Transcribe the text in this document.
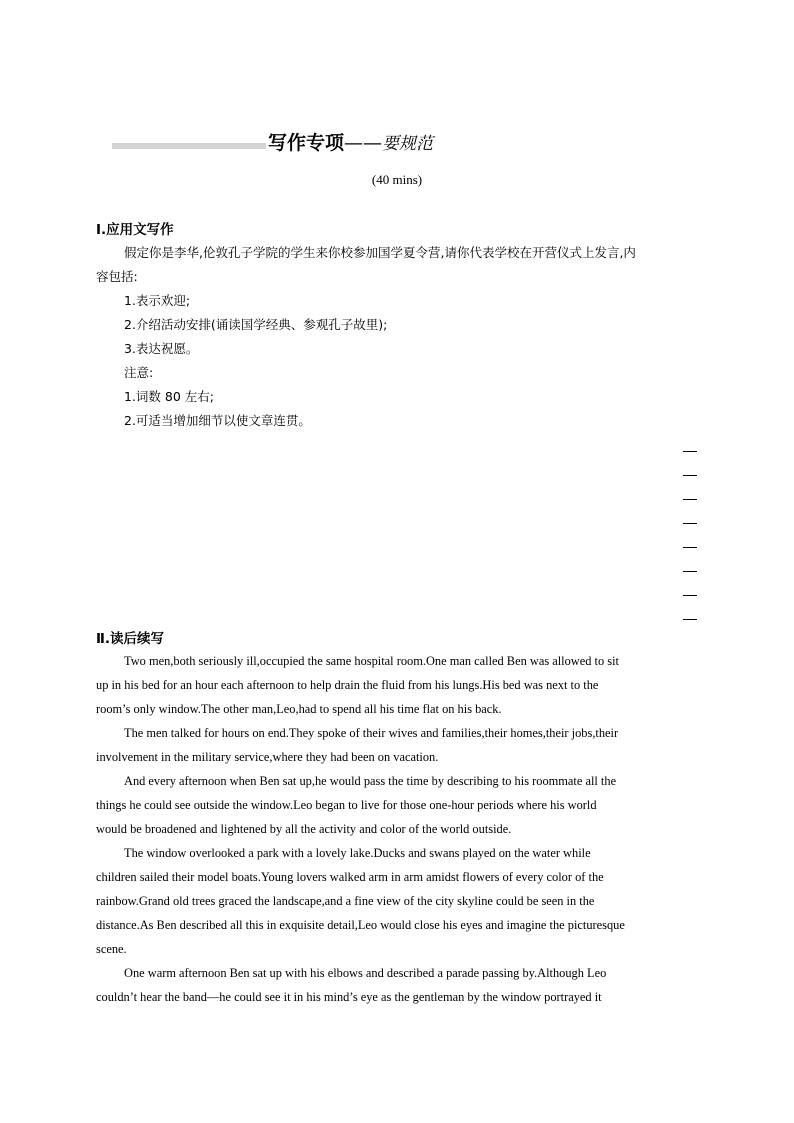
写作专项——要规范
(40 mins)
Ⅰ.应用文写作
假定你是李华,伦敦孔子学院的学生来你校参加国学夏令营,请你代表学校在开营仪式上发言,内
容包括:
1.表示欢迎;
2.介绍活动安排(诵读国学经典、参观孔子故里);
3.表达祝愿。
注意:
1.词数 80 左右;
2.可适当增加细节以使文章连贯。
Ⅱ.读后续写
Two men,both seriously ill,occupied the same hospital room.One man called Ben was allowed to sit
up in his bed for an hour each afternoon to help drain the fluid from his lungs.His bed was next to the
room’s only window.The other man,Leo,had to spend all his time flat on his back.
The men talked for hours on end.They spoke of their wives and families,their homes,their jobs,their
involvement in the military service,where they had been on vacation.
And every afternoon when Ben sat up,he would pass the time by describing to his roommate all the
things he could see outside the window.Leo began to live for those one-hour periods where his world
would be broadened and lightened by all the activity and color of the world outside.
The window overlooked a park with a lovely lake.Ducks and swans played on the water while
children sailed their model boats.Young lovers walked arm in arm amidst flowers of every color of the
rainbow.Grand old trees graced the landscape,and a fine view of the city skyline could be seen in the
distance.As Ben described all this in exquisite detail,Leo would close his eyes and imagine the picturesque
scene.
One warm afternoon Ben sat up with his elbows and described a parade passing by.Although Leo
couldn’t hear the band—he could see it in his mind’s eye as the gentleman by the window portrayed it
